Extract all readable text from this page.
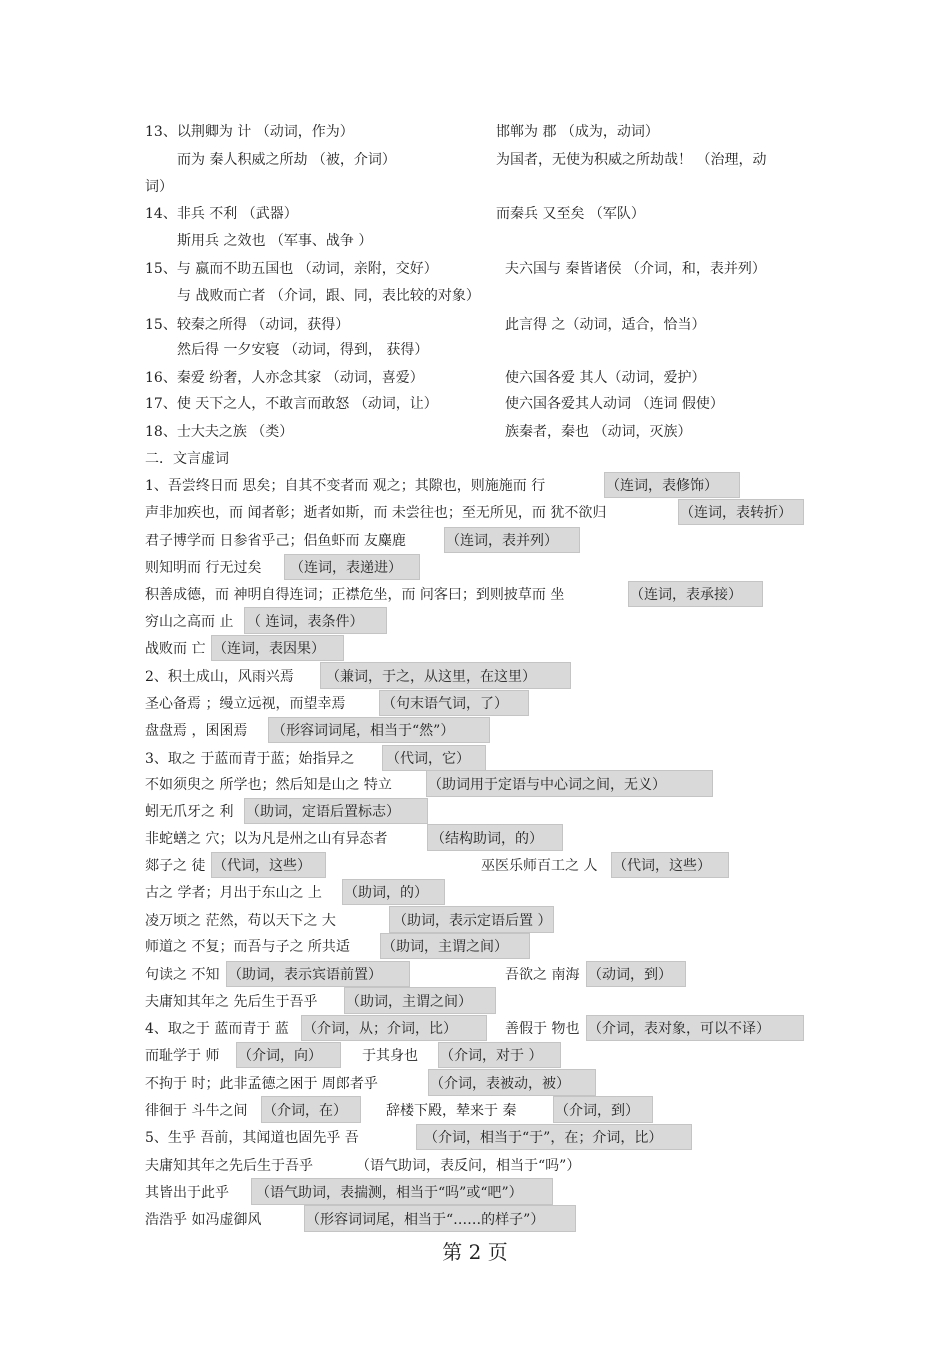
13、以荆卿为 计 （动词，作为）	邯郸为 郡 （成为，动词）
而为 秦人积威之所劫 （被，介词）	为国者，无使为积威之所劫哉！ （治理，动
词）
14、非兵 不利 （武器）	而秦兵 又至矣 （军队）
斯用兵 之效也 （军事、战争 ）
15、与 嬴而不助五国也 （动词，亲附，交好）	夫六国与 秦皆诸侯 （介词，和，表并列）
与 战败而亡者 （介词，跟、同，表比较的对象）
15、较秦之所得 （动词，获得）	此言得 之（动词，适合，恰当）
然后得 一夕安寝 （动词，得到， 获得）
16、秦爱 纷奢，人亦念其家 （动词，喜爱）	使六国各爱 其人（动词，爱护）
17、使 天下之人，不敢言而敢怒 （动词，让）	使六国各爱其人动词 （连词 假使）
18、士大夫之族 （类）	族秦者，秦也 （动词，灭族）
二．文言虚词
1、吾尝终日而 思矣；自其不变者而 观之；其隙也，则施施而 行	（连词，表修饰）
声非加疾也，而 闻者彰；逝者如斯，而 未尝往也；至无所见，而 犹不欲归	（连词，表转折）
君子博学而 日参省乎己；侣鱼虾而 友麋鹿	（连词，表并列）
则知明而 行无过矣 （连词，表递进）
积善成德，而 神明自得连词；正襟危坐，而 问客曰；到则披草而 坐	（连词，表承接）
穷山之高而 止 （ 连词，表条件）
战败而 亡 （连词，表因果）
2、积土成山，风雨兴焉 （兼词，于之，从这里，在这里）
圣心备焉 ；缦立远视，而望幸焉	（句末语气词，了）
盘盘焉 ，囷囷焉 （形容词词尾，相当于“然”）
3、取之 于蓝而青于蓝；始指异之 （代词，它）
不如须臾之 所学也；然后知是山之 特立	（助词用于定语与中心词之间，无义）
蚓无爪牙之 利 （助词，定语后置标志）
非蛇蟮之 穴；以为凡是州之山有异态者	（结构助词，的）
郯子之 徒 （代词，这些）	巫医乐师百工之 人 （代词，这些）
古之 学者；月出于东山之 上 （助词，的）
凌万顷之 茫然，苟以天下之 大	（助词，表示定语后置 ）
师道之 不复；而吾与子之 所共适 （助词，主谓之间）
句读之 不知 （助词，表示宾语前置）	吾欲之 南海 （动词，到）
夫庸知其年之 先后生于吾乎 （助词，主谓之间）
4、取之于 蓝而青于 蓝 （介词，从；介词，比）	善假于 物也 （介词，表对象，可以不译）
而耻学于 师 （介词，向）	于其身也 （介词，对于 ）
不拘于 时；此非孟德之困于 周郎者乎	（介词，表被动，被）
徘徊于 斗牛之间 （介词，在）	辞楼下殿，辇来于 秦	（介词，到）
5、生乎 吾前，其闻道也固先乎 吾	（介词，相当于“于”，在；介词，比）
夫庸知其年之先后生于吾乎	（语气助词，表反问，相当于“吗”）
其皆出于此乎 （语气助词，表揣测，相当于“吗”或“吧”）
浩浩乎 如冯虚御风	（形容词词尾，相当于“……的样子”）
第 2 页
